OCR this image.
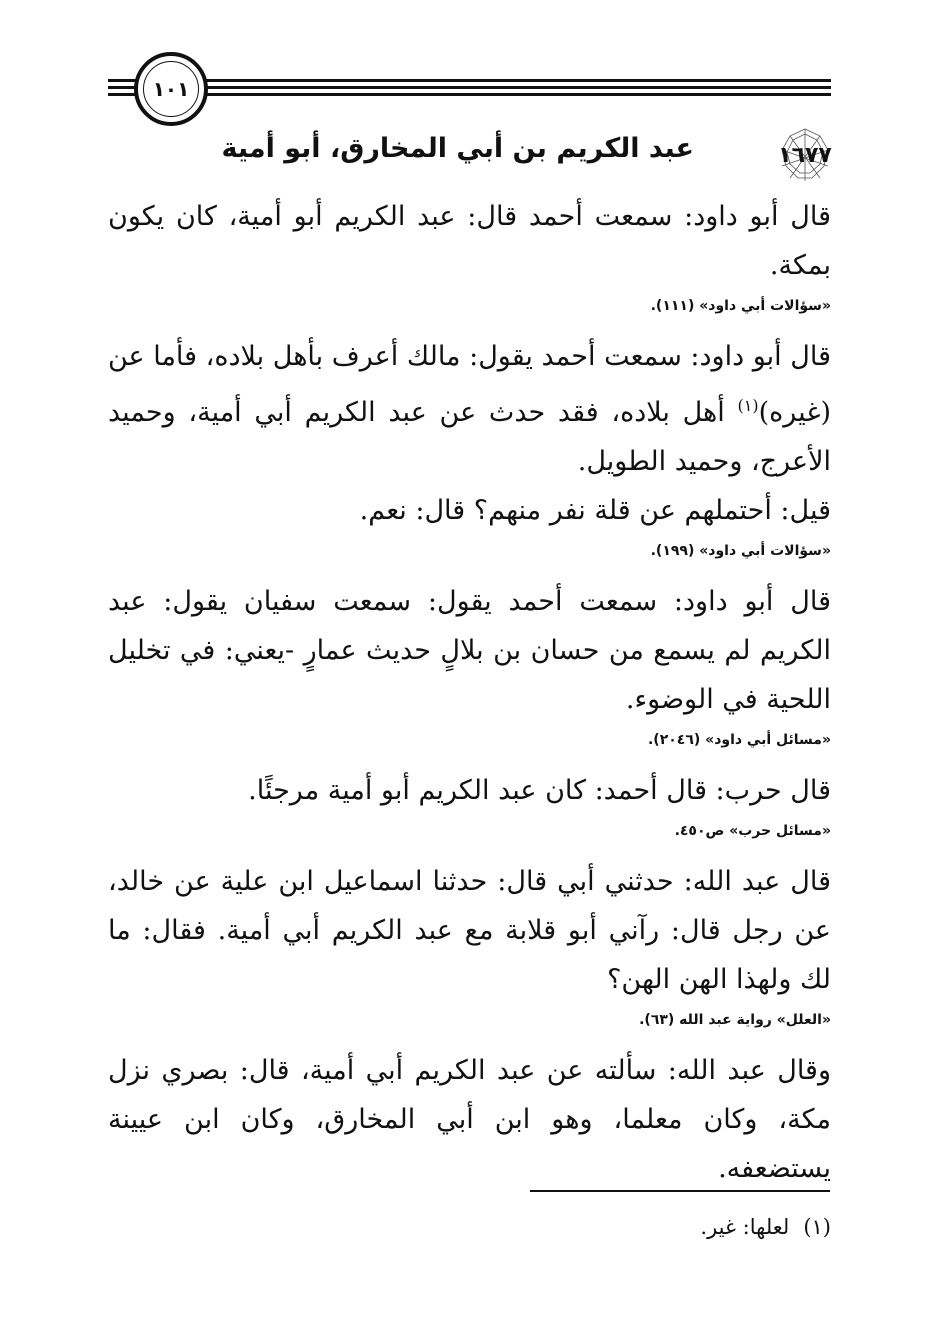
١٠١
١٦٧٧
عبد الكريم بن أبي المخارق، أبو أمية

قال أبو داود: سمعت أحمد قال: عبد الكريم أبو أمية، كان يكون بمكة.

«سؤالات أبي داود» (١١١).

قال أبو داود: سمعت أحمد يقول: مالك أعرف بأهل بلاده، فأما عن (غيره)$^{(١)}$ أهل بلاده، فقد حدث عن عبد الكريم أبي أمية، وحميد الأعرج، وحميد الطويل.

قيل: أحتملهم عن قلة نفر منهم؟ قال: نعم.

«سؤالات أبي داود» (١٩٩).

قال أبو داود: سمعت أحمد يقول: سمعت سفيان يقول: عبد الكريم لم يسمع من حسان بن بلالٍ حديث عمارٍ -يعني: في تخليل اللحية في الوضوء.

«مسائل أبي داود» (٢٠٤٦).

قال حرب: قال أحمد: كان عبد الكريم أبو أمية مرجئًا.

«مسائل حرب» ص٤٥٠.

قال عبد الله: حدثني أبي قال: حدثنا اسماعيل ابن علية عن خالد، عن رجل قال: رآني أبو قلابة مع عبد الكريم أبي أمية. فقال: ما لك ولهذا الهن الهن؟

«العلل» رواية عبد الله (٦٣).

وقال عبد الله: سألته عن عبد الكريم أبي أمية، قال: بصري نزل مكة، وكان معلما، وهو ابن أبي المخارق، وكان ابن عيينة يستضعفه.

(١)لعلها: غير.
